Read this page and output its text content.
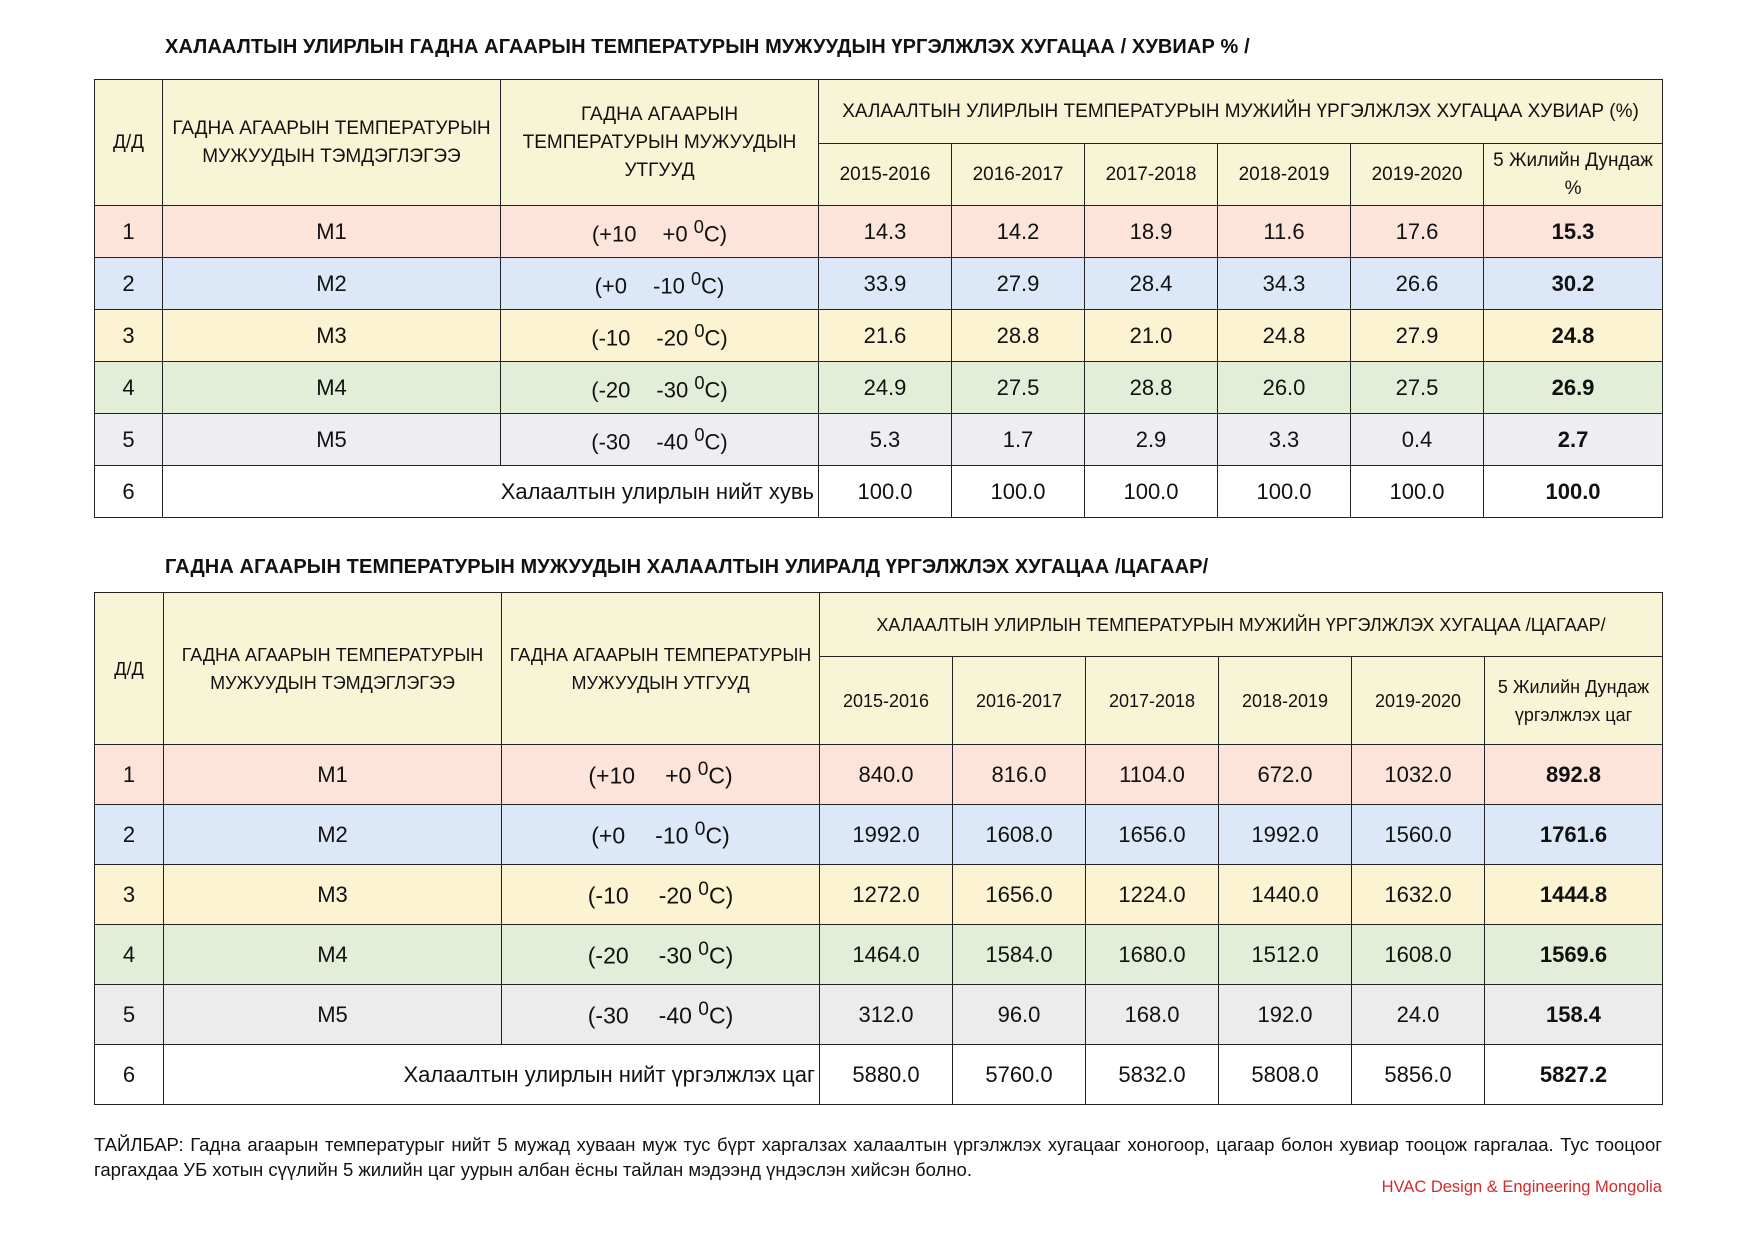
ХАЛААЛТЫН УЛИРЛЫН ГАДНА АГААРЫН ТЕМПЕРАТУРЫН МУЖУУДЫН ҮРГЭЛЖЛЭХ ХУГАЦАА / ХУВИАР % /
Д/Д	ГАДНА АГААРЫН ТЕМПЕРАТУРЫН МУЖУУДЫН ТЭМДЭГЛЭГЭЭ	ГАДНА АГААРЫН ТЕМПЕРАТУРЫН МУЖУУДЫН УТГУУД	ХАЛААЛТЫН УЛИРЛЫН ТЕМПЕРАТУРЫН МУЖИЙН ҮРГЭЛЖЛЭХ ХУГАЦАА ХУВИАР (%)					
			2015-2016	2016-2017	2017-2018	2018-2019	2019-2020	5 Жилийн Дундаж %
1	M1	(+10 +0 $^0$C)	14.3	14.2	18.9	11.6	17.6	15.3
2	M2	(+0 -10 $^0$C)	33.9	27.9	28.4	34.3	26.6	30.2
3	M3	(-10 -20 $^0$C)	21.6	28.8	21.0	24.8	27.9	24.8
4	M4	(-20 -30 $^0$C)	24.9	27.5	28.8	26.0	27.5	26.9
5	M5	(-30 -40 $^0$C)	5.3	1.7	2.9	3.3	0.4	2.7
6	Халаалтын улирлын нийт хувь		100.0	100.0	100.0	100.0	100.0	100.0
ГАДНА АГААРЫН ТЕМПЕРАТУРЫН МУЖУУДЫН ХАЛААЛТЫН УЛИРАЛД ҮРГЭЛЖЛЭХ ХУГАЦАА /ЦАГААР/
Д/Д	ГАДНА АГААРЫН ТЕМПЕРАТУРЫН МУЖУУДЫН ТЭМДЭГЛЭГЭЭ	ГАДНА АГААРЫН ТЕМПЕРАТУРЫН МУЖУУДЫН УТГУУД	ХАЛААЛТЫН УЛИРЛЫН ТЕМПЕРАТУРЫН МУЖИЙН ҮРГЭЛЖЛЭХ ХУГАЦАА /ЦАГААР/					
			2015-2016	2016-2017	2017-2018	2018-2019	2019-2020	5 Жилийн Дундаж үргэлжлэх цаг
1	M1	(+10 +0 $^0$C)	840.0	816.0	1104.0	672.0	1032.0	892.8
2	M2	(+0 -10 $^0$C)	1992.0	1608.0	1656.0	1992.0	1560.0	1761.6
3	M3	(-10 -20 $^0$C)	1272.0	1656.0	1224.0	1440.0	1632.0	1444.8
4	M4	(-20 -30 $^0$C)	1464.0	1584.0	1680.0	1512.0	1608.0	1569.6
5	M5	(-30 -40 $^0$C)	312.0	96.0	168.0	192.0	24.0	158.4
6	Халаалтын улирлын нийт үргэлжлэх цаг		5880.0	5760.0	5832.0	5808.0	5856.0	5827.2
ТАЙЛБАР: Гадна агаарын температурыг нийт 5 мужад хуваан муж тус бүрт харгалзах халаалтын үргэлжлэх хугацааг хоногоор, цагаар болон хувиар тооцож гаргалаа. Тус тооцоог гаргахдаа УБ хотын сүүлийн 5 жилийн цаг уурын албан ёсны тайлан мэдээнд үндэслэн хийсэн болно.
HVAC Design & Engineering Mongolia
